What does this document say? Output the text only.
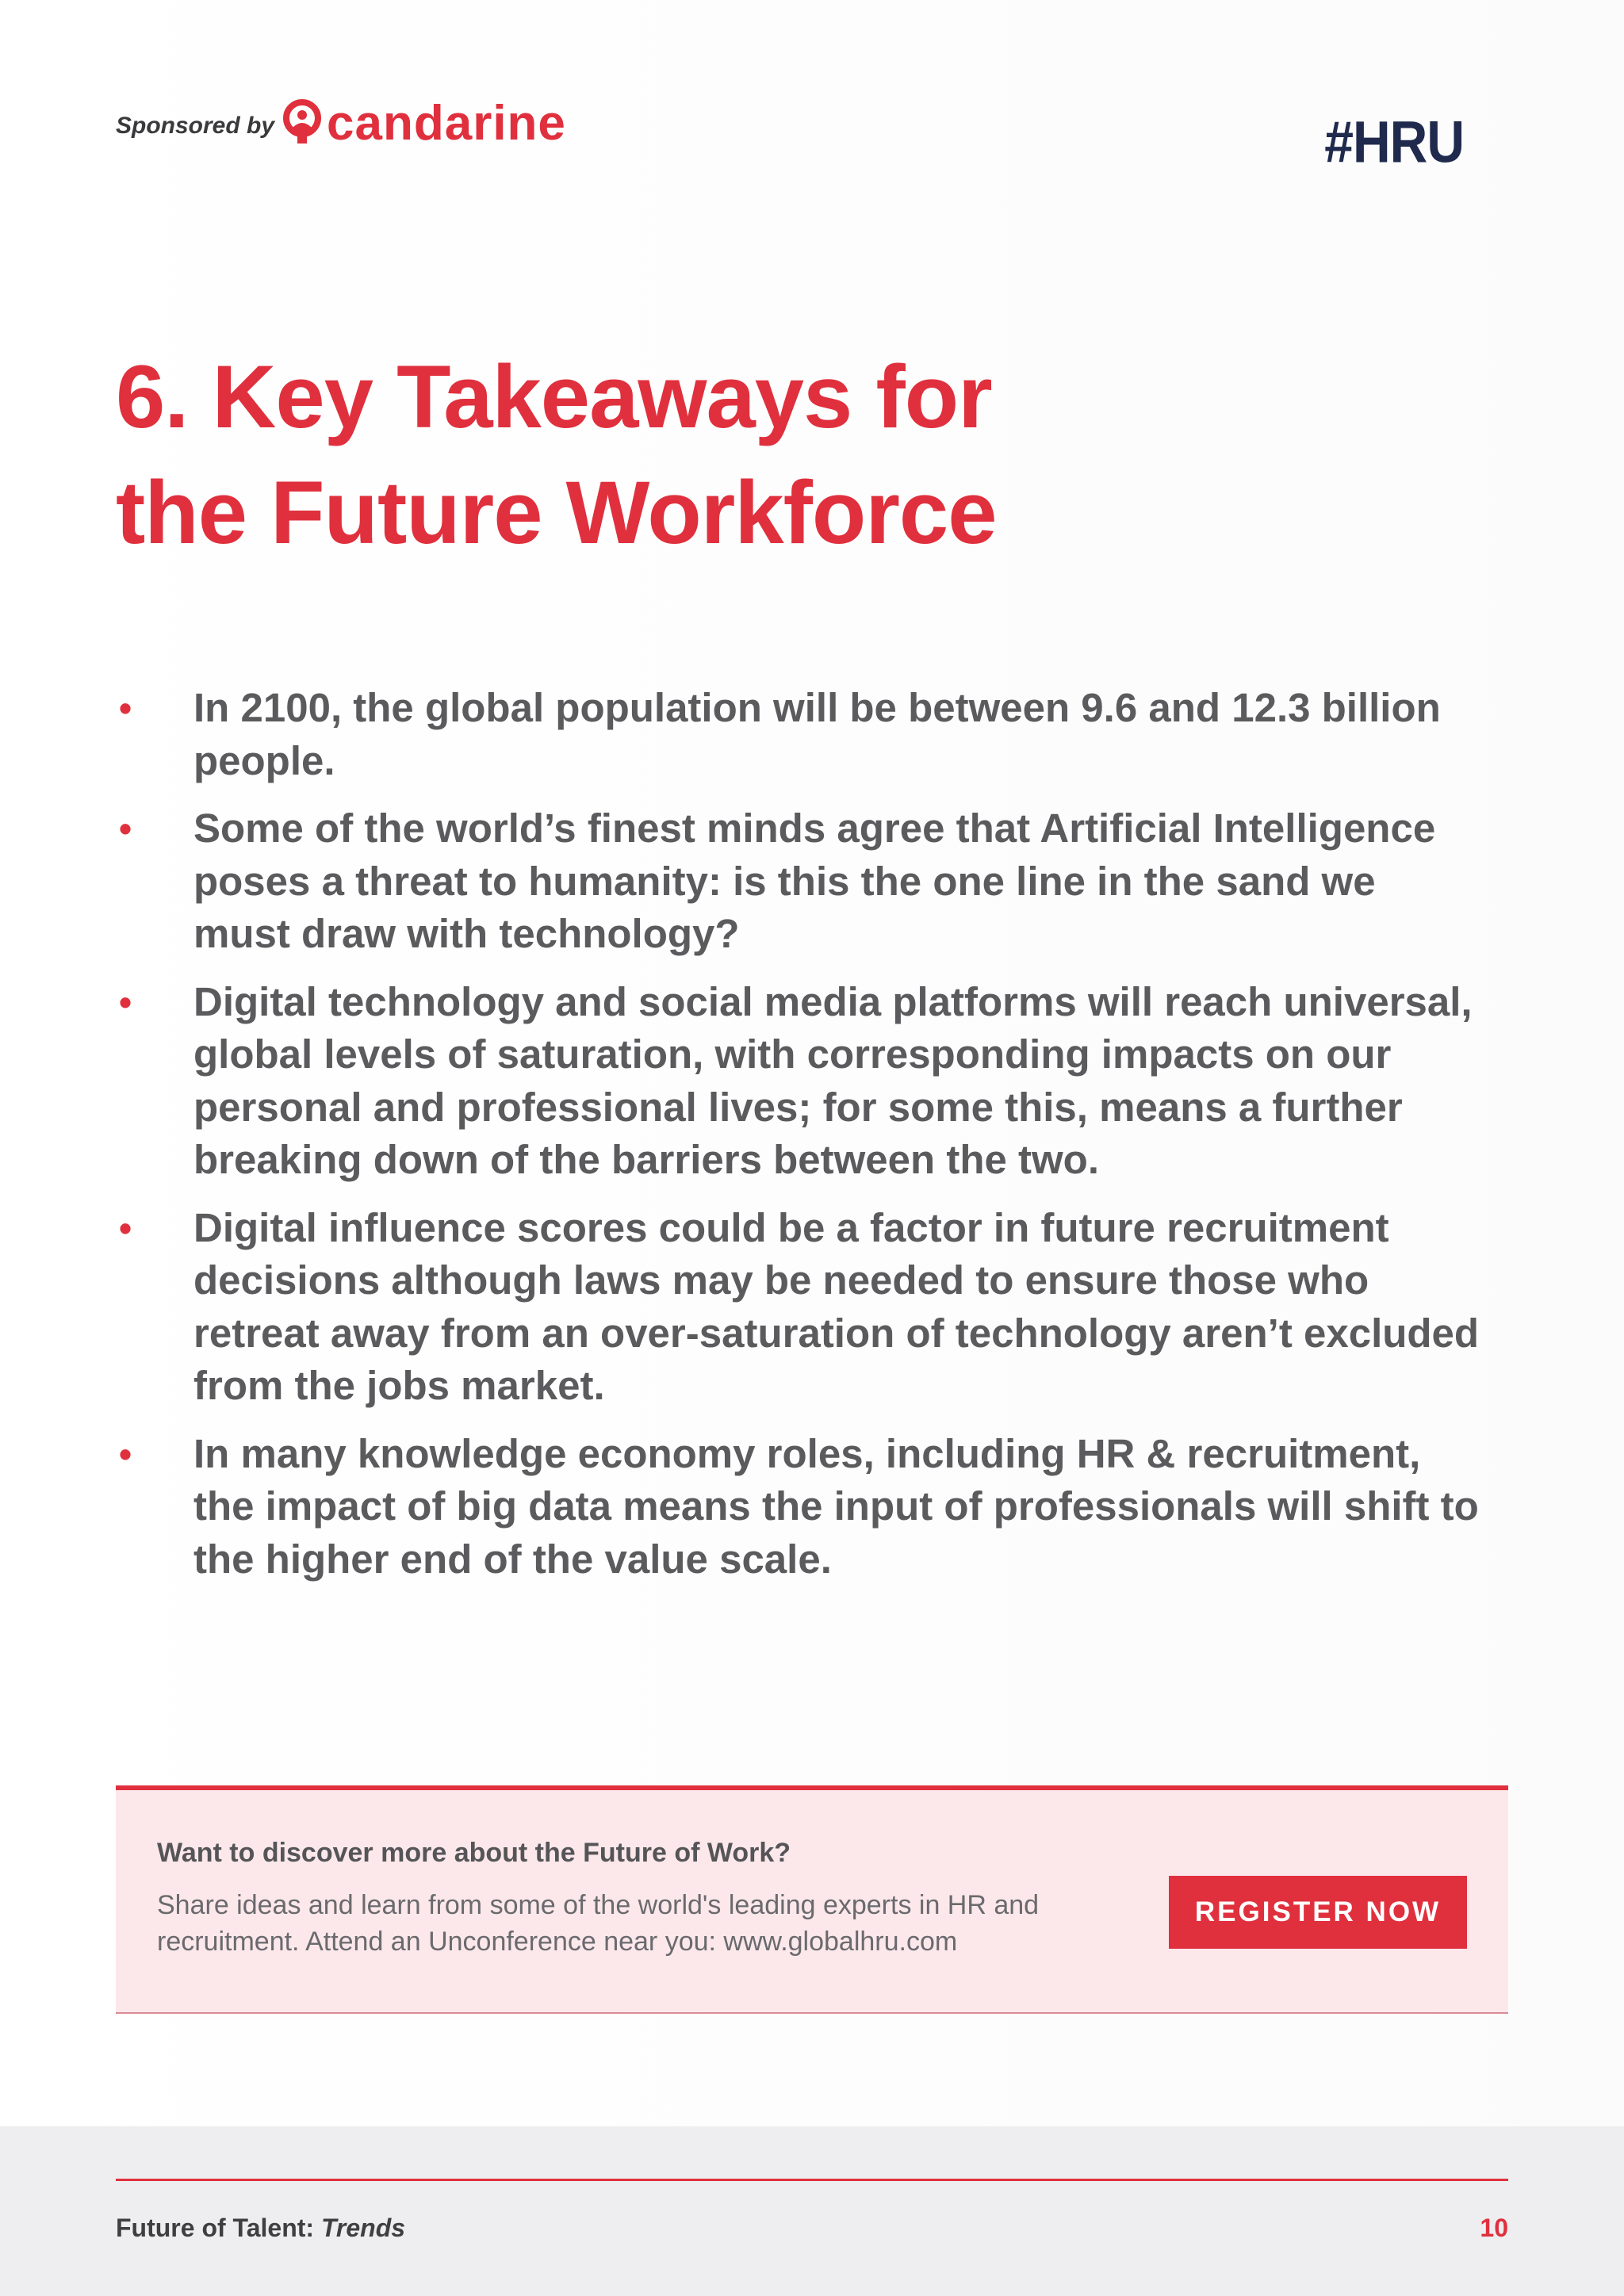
Sponsored by candarine	#HRU
6. Key Takeaways for
the Future Workforce
• In 2100, the global population will be between 9.6 and 12.3 billion people.
• Some of the world’s finest minds agree that Artificial Intelligence poses a threat to humanity: is this the one line in the sand we must draw with technology?
• Digital technology and social media platforms will reach universal, global levels of saturation, with corresponding impacts on our personal and professional lives; for some this, means a further breaking down of the barriers between the two.
• Digital influence scores could be a factor in future recruitment decisions although laws may be needed to ensure those who retreat away from an over-saturation of technology aren’t excluded from the jobs market.
• In many knowledge economy roles, including HR & recruitment, the impact of big data means the input of professionals will shift to the higher end of the value scale.
Want to discover more about the Future of Work?
Share ideas and learn from some of the world's leading experts in HR and recruitment. Attend an Unconference near you: www.globalhru.com
REGISTER NOW
Future of Talent: Trends	10
